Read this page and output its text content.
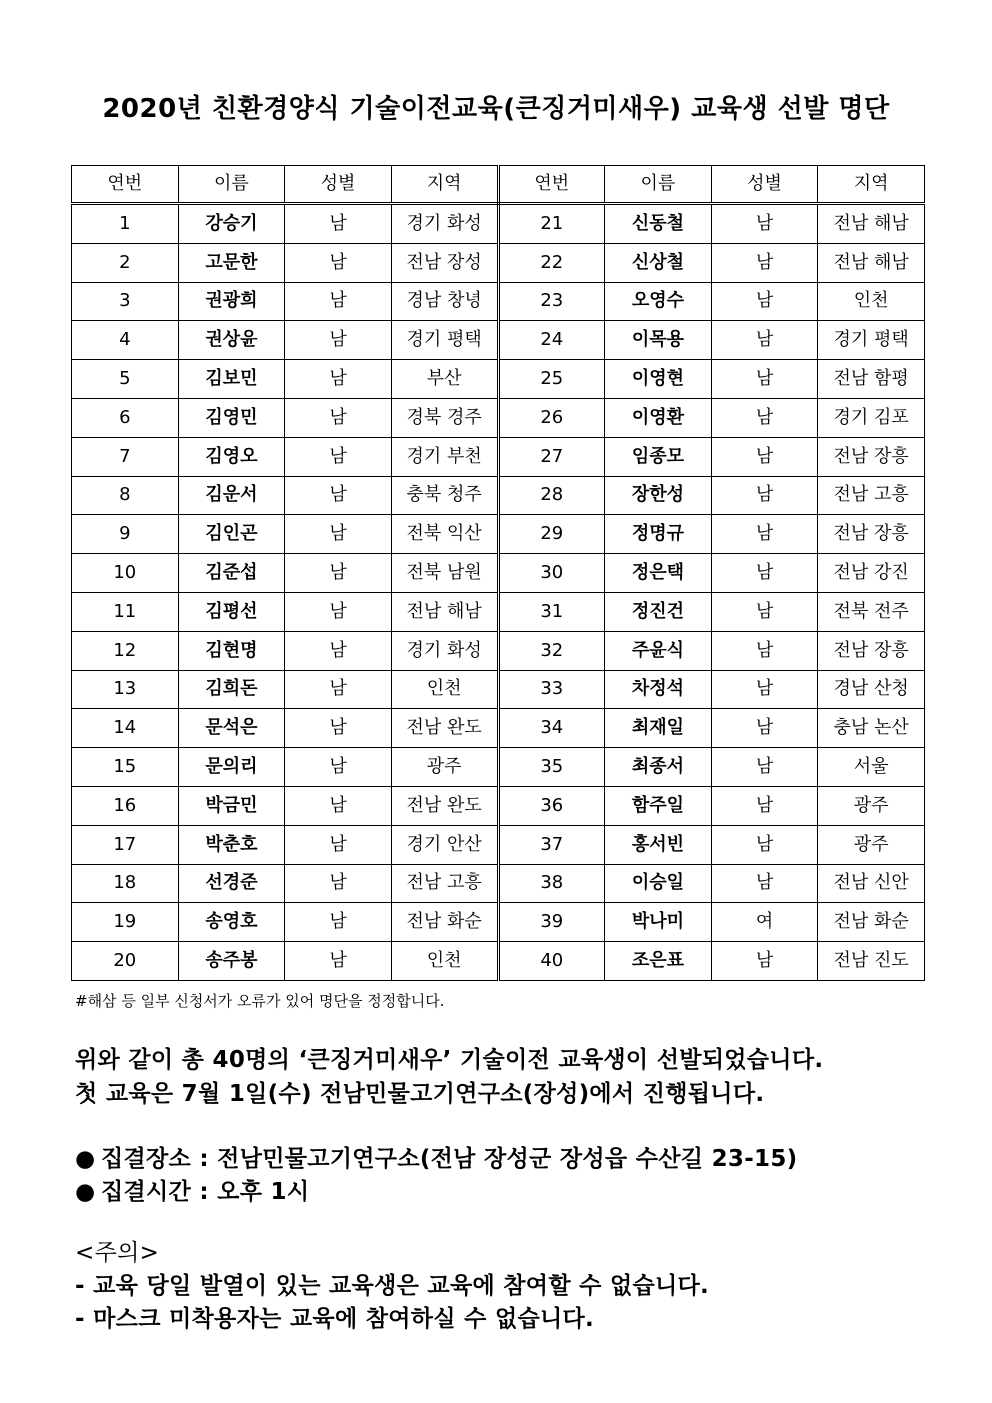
2020년 친환경양식 기술이전교육(큰징거미새우) 교육생 선발 명단
연번	이름	성별	지역	연번	이름	성별	지역
1	강승기	남	경기 화성	21	신동철	남	전남 해남
2	고문한	남	전남 장성	22	신상철	남	전남 해남
3	권광희	남	경남 창녕	23	오영수	남	인천
4	권상윤	남	경기 평택	24	이목용	남	경기 평택
5	김보민	남	부산	25	이영현	남	전남 함평
6	김영민	남	경북 경주	26	이영환	남	경기 김포
7	김영오	남	경기 부천	27	임종모	남	전남 장흥
8	김운서	남	충북 청주	28	장한성	남	전남 고흥
9	김인곤	남	전북 익산	29	정명규	남	전남 장흥
10	김준섭	남	전북 남원	30	정은택	남	전남 강진
11	김평선	남	전남 해남	31	정진건	남	전북 전주
12	김현명	남	경기 화성	32	주윤식	남	전남 장흥
13	김희돈	남	인천	33	차정석	남	경남 산청
14	문석은	남	전남 완도	34	최재일	남	충남 논산
15	문의리	남	광주	35	최종서	남	서울
16	박금민	남	전남 완도	36	함주일	남	광주
17	박춘호	남	경기 안산	37	홍서빈	남	광주
18	선경준	남	전남 고흥	38	이승일	남	전남 신안
19	송영호	남	전남 화순	39	박나미	여	전남 화순
20	송주봉	남	인천	40	조은표	남	전남 진도
#해삼 등 일부 신청서가 오류가 있어 명단을 정정합니다.
위와 같이 총 40명의 ‘큰징거미새우’ 기술이전 교육생이 선발되었습니다.
첫 교육은 7월 1일(수) 전남민물고기연구소(장성)에서 진행됩니다.
● 집결장소 : 전남민물고기연구소(전남 장성군 장성읍 수산길 23-15)
● 집결시간 : 오후 1시
<주의>
- 교육 당일 발열이 있는 교육생은 교육에 참여할 수 없습니다.
- 마스크 미착용자는 교육에 참여하실 수 없습니다.
